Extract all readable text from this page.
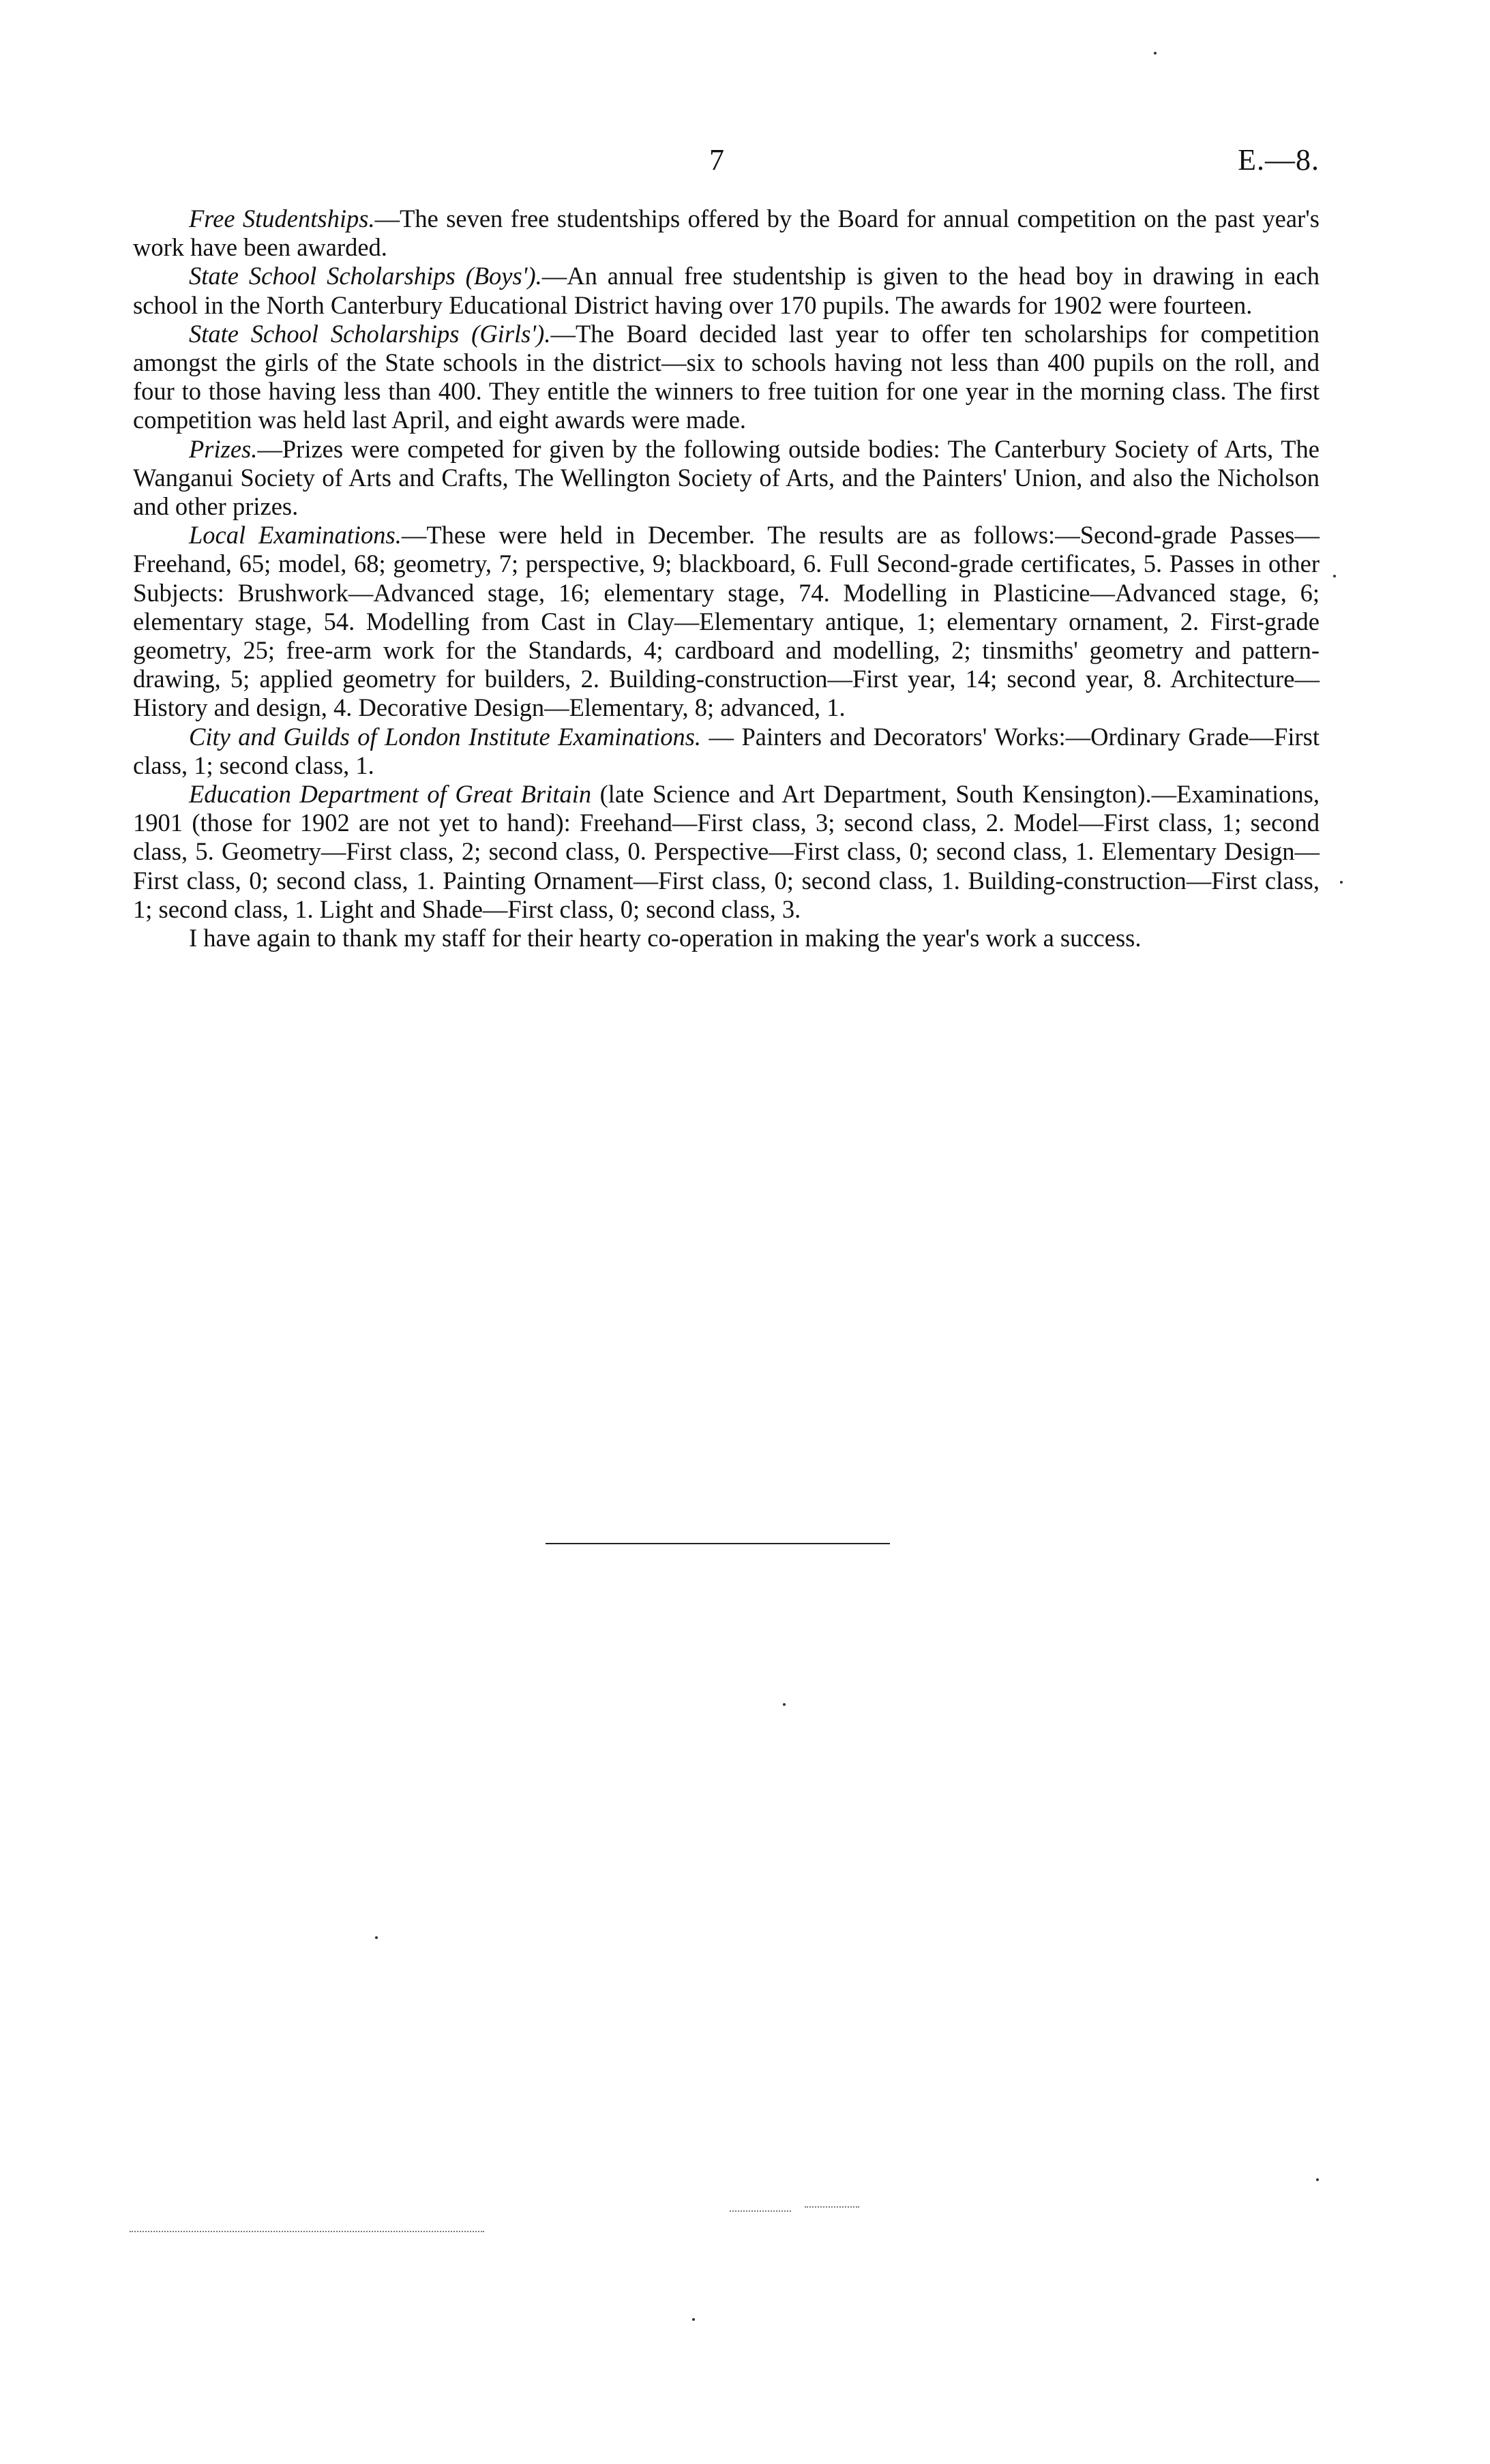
7	E.—8.

Free Studentships.—The seven free studentships offered by the Board for annual competition on the past year's work have been awarded.

State School Scholarships (Boys').—An annual free studentship is given to the head boy in drawing in each school in the North Canterbury Educational District having over 170 pupils. The awards for 1902 were fourteen.

State School Scholarships (Girls').—The Board decided last year to offer ten scholarships for competition amongst the girls of the State schools in the district—six to schools having not less than 400 pupils on the roll, and four to those having less than 400. They entitle the winners to free tuition for one year in the morning class. The first competition was held last April, and eight awards were made.

Prizes.—Prizes were competed for given by the following outside bodies: The Canterbury Society of Arts, The Wanganui Society of Arts and Crafts, The Wellington Society of Arts, and the Painters' Union, and also the Nicholson and other prizes.

Local Examinations.—These were held in December. The results are as follows:—Second-grade Passes—Freehand, 65; model, 68; geometry, 7; perspective, 9; blackboard, 6. Full Second-grade certificates, 5. Passes in other Subjects: Brushwork—Advanced stage, 16; elementary stage, 74. Modelling in Plasticine—Advanced stage, 6; elementary stage, 54. Modelling from Cast in Clay—Elementary antique, 1; elementary ornament, 2. First-grade geometry, 25; free-arm work for the Standards, 4; cardboard and modelling, 2; tinsmiths' geometry and pattern-drawing, 5; applied geometry for builders, 2. Building-construction—First year, 14; second year, 8. Architecture—History and design, 4. Decorative Design—Elementary, 8; advanced, 1.

City and Guilds of London Institute Examinations. — Painters and Decorators' Works:—Ordinary Grade—First class, 1; second class, 1.

Education Department of Great Britain (late Science and Art Department, South Kensington).—Examinations, 1901 (those for 1902 are not yet to hand): Freehand—First class, 3; second class, 2. Model—First class, 1; second class, 5. Geometry—First class, 2; second class, 0. Perspective—First class, 0; second class, 1. Elementary Design—First class, 0; second class, 1. Painting Ornament—First class, 0; second class, 1. Building-construction—First class, 1; second class, 1. Light and Shade—First class, 0; second class, 3.

I have again to thank my staff for their hearty co-operation in making the year's work a success.
